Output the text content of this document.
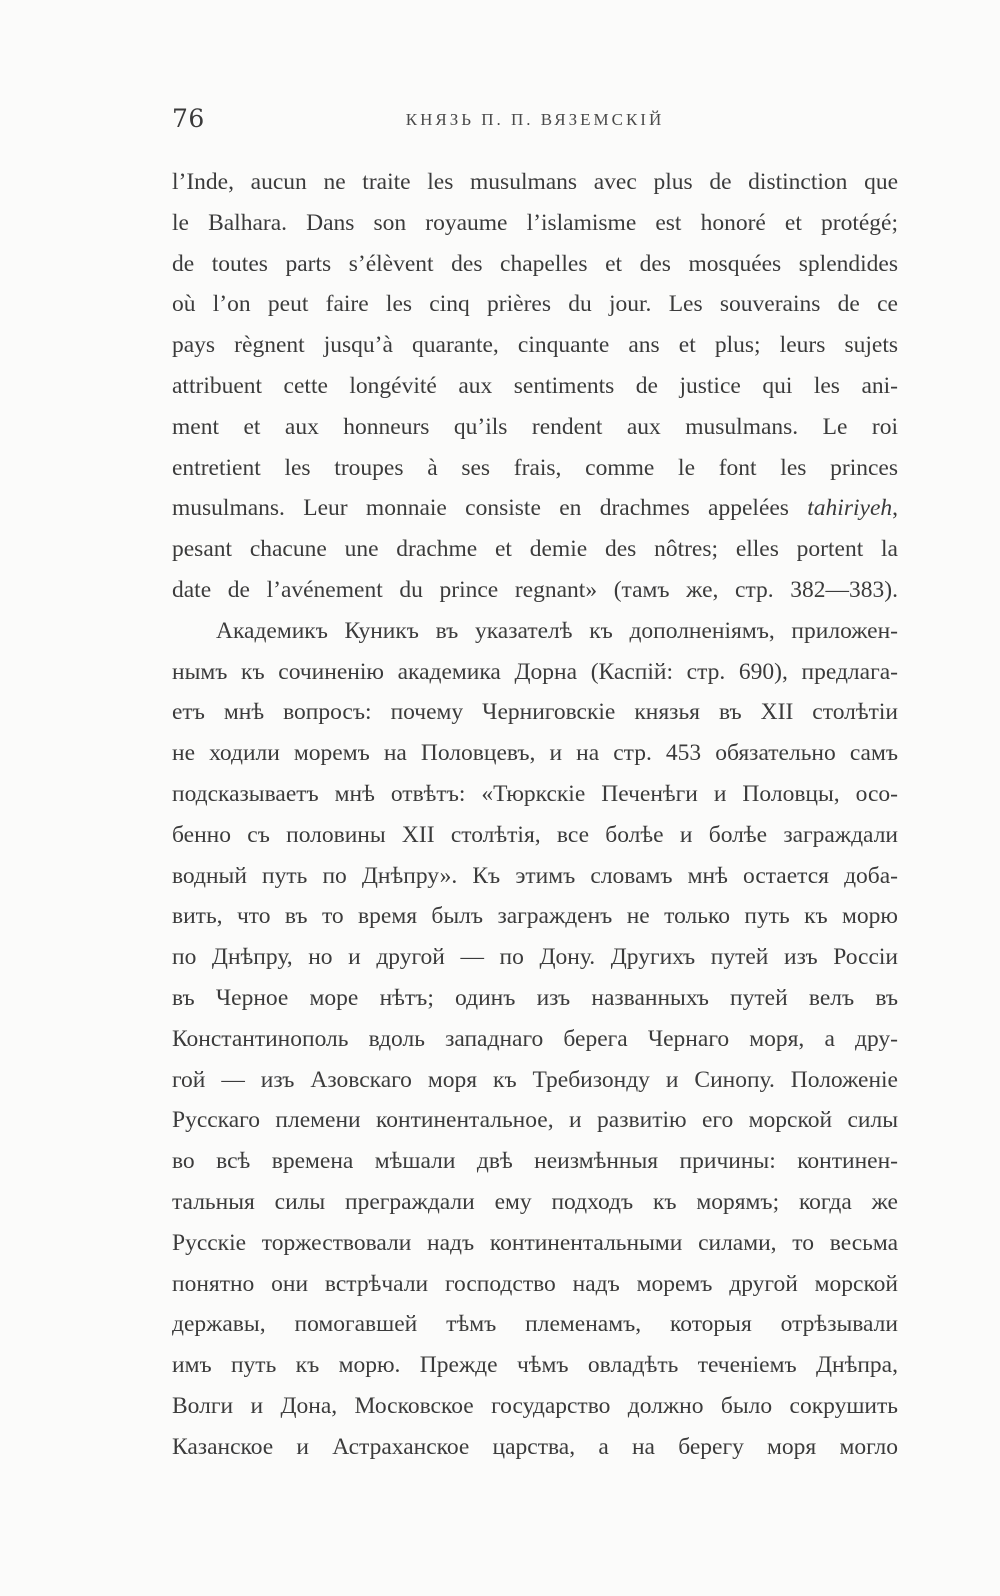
76	КНЯЗЬ П. П. ВЯЗЕМСКІЙ
l’Inde, aucun ne traite les musulmans avec plus de distinction que
le Balhara. Dans son royaume l’islamisme est honoré et protégé;
de toutes parts s’élèvent des chapelles et des mosquées splendides
où l’on peut faire les cinq prières du jour. Les souverains de ce
pays règnent jusqu’à quarante, cinquante ans et plus; leurs sujets
attribuent cette longévité aux sentiments de justice qui les ani-
ment et aux honneurs qu’ils rendent aux musulmans. Le roi
entretient les troupes à ses frais, comme le font les princes
musulmans. Leur monnaie consiste en drachmes appelées tahiriyeh,
pesant chacune une drachme et demie des nôtres; elles portent la
date de l’avénement du prince regnant» (тамъ же, стр. 382—383).
Академикъ Куникъ въ указателѣ къ дополненіямъ, приложен-
нымъ къ сочиненію академика Дорна (Каспій: стр. 690), предлага-
етъ мнѣ вопросъ: почему Черниговскіе князья въ XII столѣтіи
не ходили моремъ на Половцевъ, и на стр. 453 обязательно самъ
подсказываетъ мнѣ отвѣтъ: «Тюркскіе Печенѣги и Половцы, осо-
бенно съ половины XII столѣтія, все болѣе и болѣе заграждали
водный путь по Днѣпру». Къ этимъ словамъ мнѣ остается доба-
вить, что въ то время былъ загражденъ не только путь къ морю
по Днѣпру, но и другой — по Дону. Другихъ путей изъ Россіи
въ Черное море нѣтъ; одинъ изъ названныхъ путей велъ въ
Константинополь вдоль западнаго берега Чернаго моря, а дру-
гой — изъ Азовскаго моря къ Требизонду и Синопу. Положеніе
Русскаго племени континентальное, и развитію его морской силы
во всѣ времена мѣшали двѣ неизмѣнныя причины: континен-
тальныя силы преграждали ему подходъ къ морямъ; когда же
Русскіе торжествовали надъ континентальными силами, то весьма
понятно они встрѣчали господство надъ моремъ другой морской
державы, помогавшей тѣмъ племенамъ, которыя отрѣзывали
имъ путь къ морю. Прежде чѣмъ овладѣть теченіемъ Днѣпра,
Волги и Дона, Московское государство должно было сокрушить
Казанское и Астраханское царства, а на берегу моря могло
